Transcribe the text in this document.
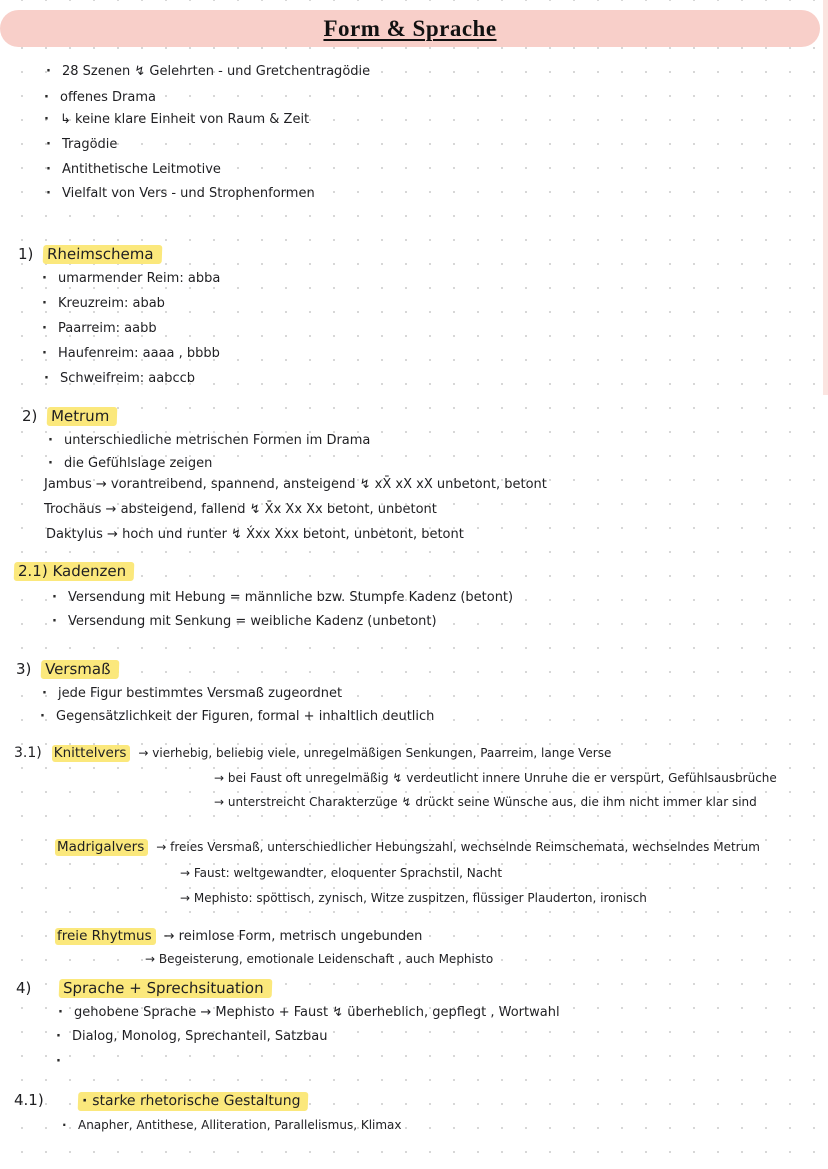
Form & Sprache
· 28 Szenen ↯ Gelehrten - und Gretchentragödie
· offenes Drama
· ↳ keine klare Einheit von Raum & Zeit
· Tragödie
· Antithetische Leitmotive
· Vielfalt von Vers - und Strophenformen
1) Rheimschema
· umarmender Reim: abba
· Kreuzreim: abab
· Paarreim: aabb
· Haufenreim: aaaa , bbbb
· Schweifreim: aabccb
2) Metrum
· unterschiedliche metrischen Formen im Drama
· die Gefühlslage zeigen
Jambus → vorantreibend, spannend, ansteigend ↯ xX̄ xX xX unbetont, betont
Trochäus → absteigend, fallend ↯ X̄x Xx Xx betont, unbetont
Daktylus → hoch und runter ↯ X́xx Xxx betont, unbetont, betont
2.1) Kadenzen
· Versendung mit Hebung = männliche bzw. Stumpfe Kadenz (betont)
· Versendung mit Senkung = weibliche Kadenz (unbetont)
3) Versmaß
· jede Figur bestimmtes Versmaß zugeordnet
· Gegensätzlichkeit der Figuren, formal + inhaltlich deutlich
3.1) Knittelvers → vierhebig, beliebig viele, unregelmäßigen Senkungen, Paarreim, lange Verse
→ bei Faust oft unregelmäßig ↯ verdeutlicht innere Unruhe die er verspürt, Gefühlsausbrüche
→ unterstreicht Charakterzüge ↯ drückt seine Wünsche aus, die ihm nicht immer klar sind
Madrigalvers → freies Versmaß, unterschiedlicher Hebungszahl, wechselnde Reimschemata, wechselndes Metrum
→ Faust: weltgewandter, eloquenter Sprachstil, Nacht
→ Mephisto: spöttisch, zynisch, Witze zuspitzen, flüssiger Plauderton, ironisch
freie Rhytmus → reimlose Form, metrisch ungebunden
→ Begeisterung, emotionale Leidenschaft , auch Mephisto
4) Sprache + Sprechsituation
· gehobene Sprache → Mephisto + Faust ↯ überheblich, gepflegt , Wortwahl
· Dialog, Monolog, Sprechanteil, Satzbau
·
4.1)	· starke rhetorische Gestaltung
· Anapher, Antithese, Alliteration, Parallelismus, Klimax
